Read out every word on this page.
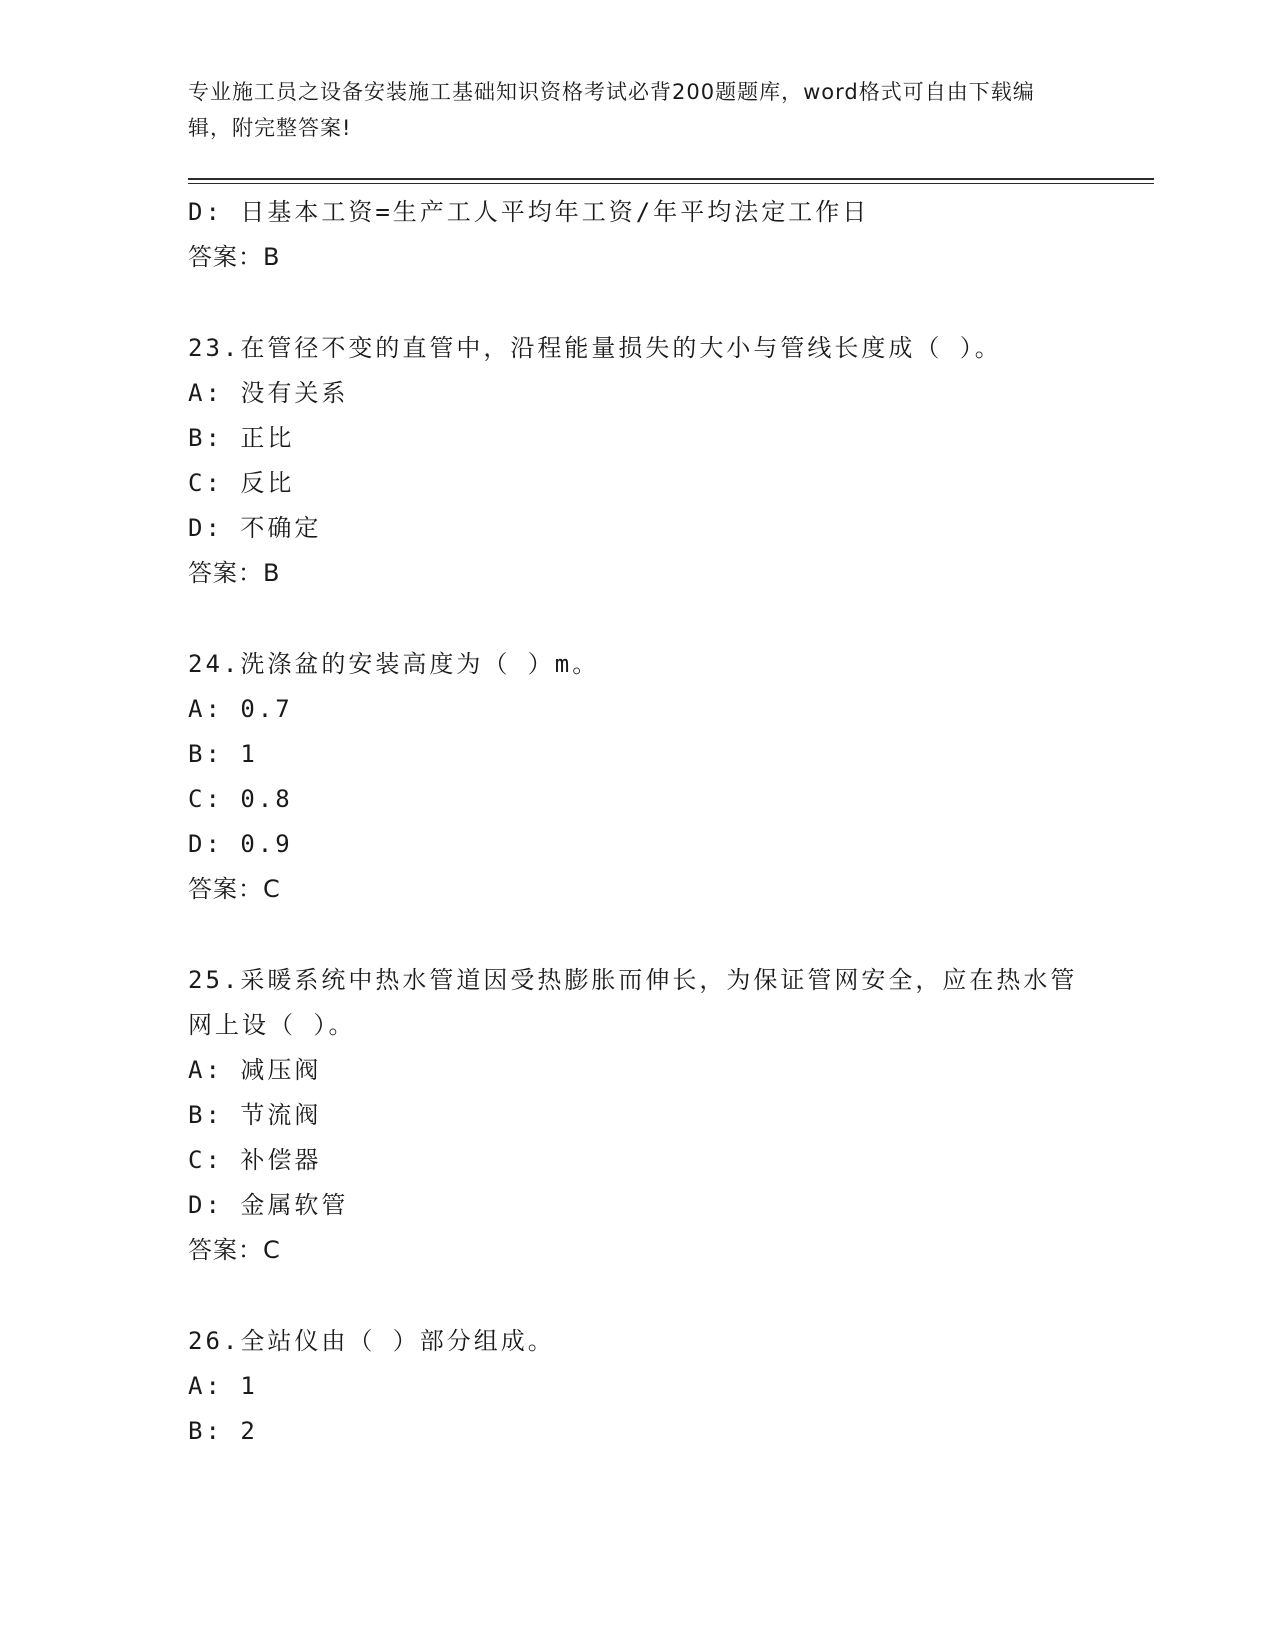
专业施工员之设备安装施工基础知识资格考试必背200题题库，word格式可自由下载编辑，附完整答案!
D: 日基本工资=生产工人平均年工资/年平均法定工作日
答案：B
23.在管径不变的直管中，沿程能量损失的大小与管线长度成（ ）。
A: 没有关系
B: 正比
C: 反比
D: 不确定
答案：B
24.洗涤盆的安装高度为（ ）m。
A: 0.7
B: 1
C: 0.8
D: 0.9
答案：C
25.采暖系统中热水管道因受热膨胀而伸长，为保证管网安全，应在热水管网上设（ ）。
A: 减压阀
B: 节流阀
C: 补偿器
D: 金属软管
答案：C
26.全站仪由（ ）部分组成。
A: 1
B: 2
